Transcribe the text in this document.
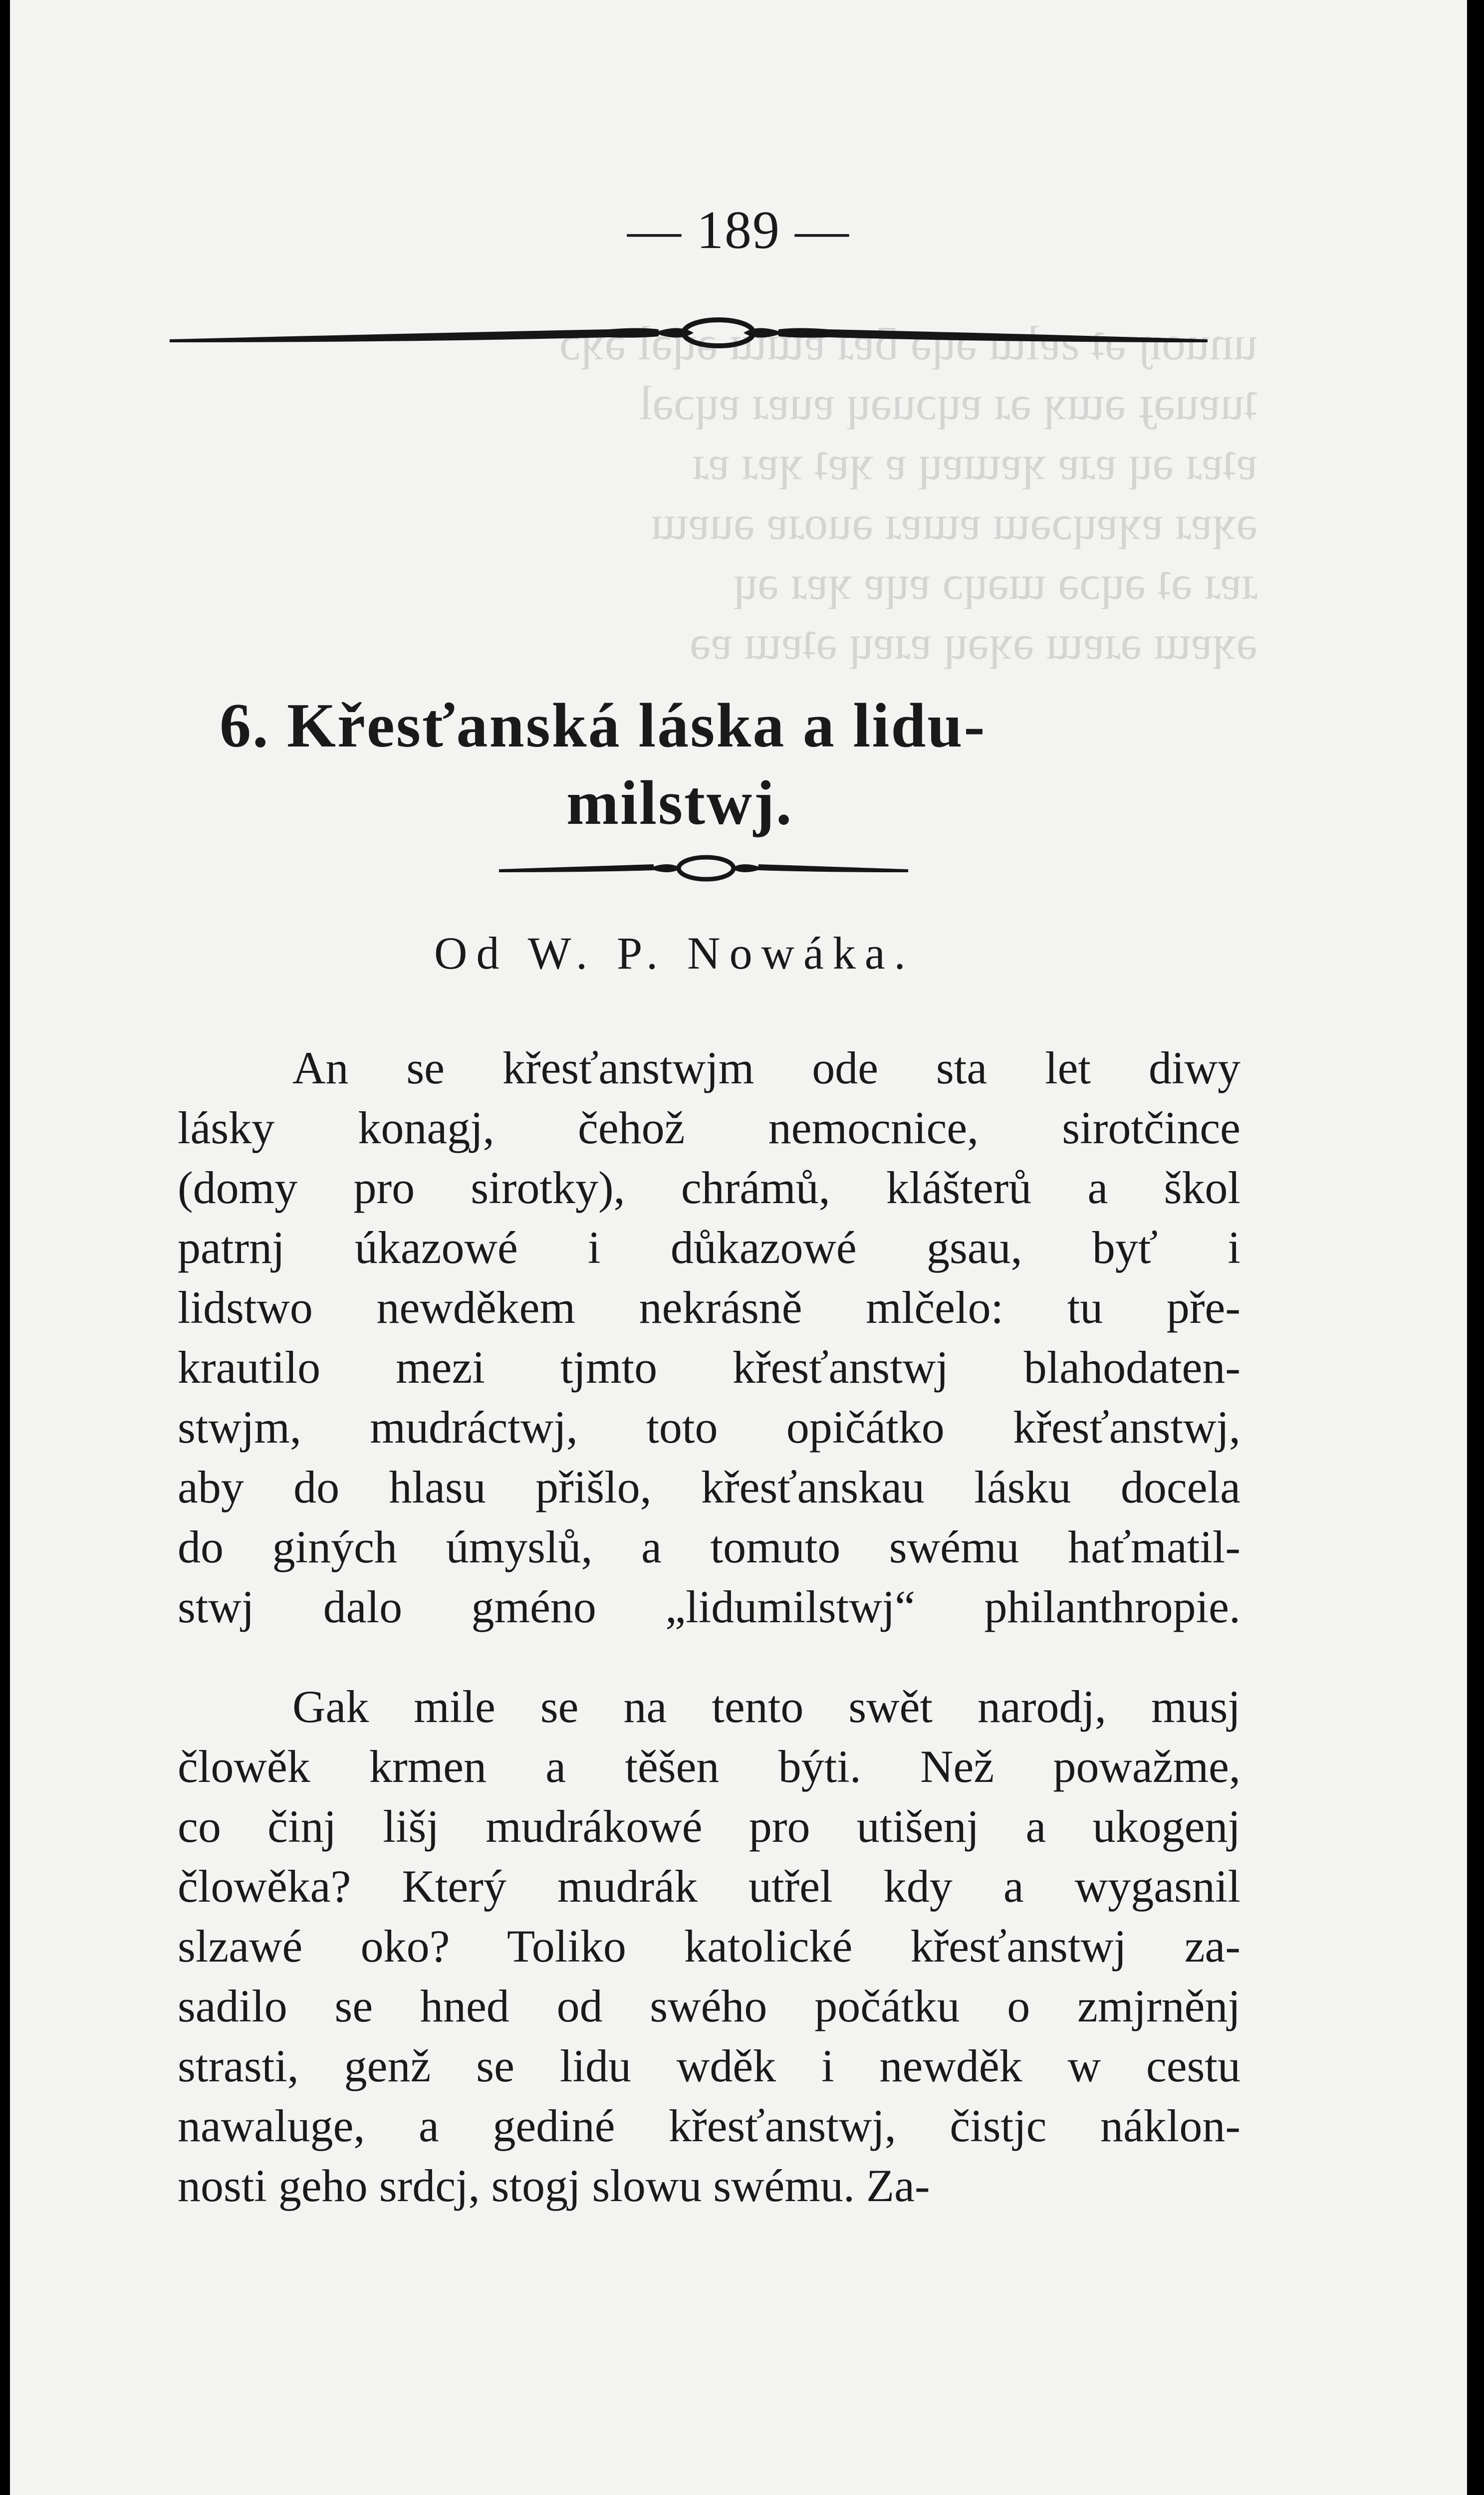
unuoŋ ǝʇ ƨɐlɯ ǝɥǝ ƃɐɹ ɐɯɯ ǝɥǝl ǝʞɔ
ʇuɐuǝɟ ǝɯʞ ǝɹ ɐɥɔuǝɥ ɐuɐɹ ɐɥɔǝl
ɐʇɐɹ ǝɥ ɐɹɐ ʞɐɯɐɥ ɐ ʞɐʇ ʞɐɹ ɐɹ
ǝʞɐɹ ɐʞɐɥɔǝɯ ɐɯɐɹ ǝuoɹɐ ǝuɐɯ
ɹɐɹ ǝʇ ǝɥɔǝ ɯǝɥɔ ɐɥɐ ʞɐɹ ǝɥ
ǝʞɐɯ ǝɹɐɯ ǝʞǝɥ ɐɹɐɥ ǝʇɐɯ ɐǝ
— 189 —
6. Křesťanská láska a lidu-
milstwj.
Od W. P. Nowáka.
An se křesťanstwjm ode sta let diwy
lásky konagj, čehož nemocnice, sirotčince
(domy pro sirotky), chrámů, klášterů a škol
patrnj úkazowé i důkazowé gsau, byť i
lidstwo newděkem nekrásně mlčelo: tu pře-
krautilo mezi tjmto křesťanstwj blahodaten-
stwjm, mudráctwj, toto opičátko křesťanstwj,
aby do hlasu přišlo, křesťanskau lásku docela
do giných úmyslů, a tomuto swému haťmatil-
stwj dalo gméno „lidumilstwj“ philanthropie.
Gak mile se na tento swět narodj, musj
člowěk krmen a těšen býti. Než powažme,
co činj lišj mudrákowé pro utišenj a ukogenj
člowěka? Který mudrák utřel kdy a wygasnil
slzawé oko? Toliko katolické křesťanstwj za-
sadilo se hned od swého počátku o zmjrněnj
strasti, genž se lidu wděk i newděk w cestu
nawaluge, a gediné křesťanstwj, čistjc náklon-
nosti geho srdcj, stogj slowu swému. Za-
